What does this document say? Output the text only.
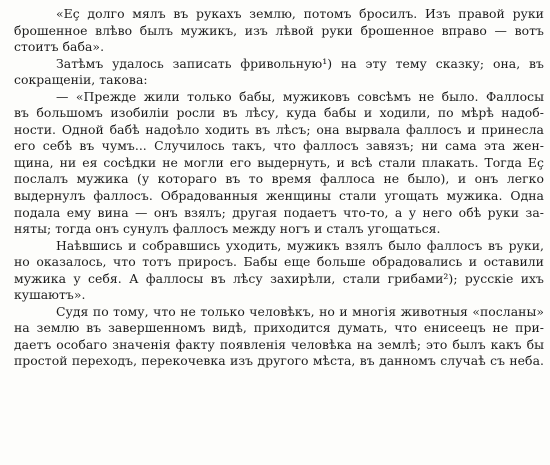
«Eç долго мялъ въ рукахъ землю, потомъ бросилъ. Изъ правой руки
брошенное влѣво былъ мужикъ, изъ лѣвой руки брошенное вправо — вотъ
стоитъ баба».
Затѣмъ удалось записать фривольную¹) на эту тему сказку; она, въ
сокращеніи, такова:
— «Прежде жили только бабы, мужиковъ совсѣмъ не было. Фаллосы
въ большомъ изобиліи росли въ лѣсу, куда бабы и ходили, по мѣрѣ надоб-
ности. Одной бабѣ надоѣло ходить въ лѣсъ; она вырвала фаллосъ и принесла
его себѣ въ чумъ... Случилось такъ, что фаллосъ завязъ; ни сама эта жен-
щина, ни ея сосѣдки не могли его выдернуть, и всѣ стали плакать. Тогда Eç
послалъ мужика (у котораго въ то время фаллоса не было), и онъ легко
выдернулъ фаллосъ. Обрадованныя женщины стали угощать мужика. Одна
подала ему вина — онъ взялъ; другая подаетъ что-то, а у него обѣ руки за-
няты; тогда онъ сунулъ фаллосъ между ногъ и сталъ угощаться.
Наѣвшись и собравшись уходить, мужикъ взялъ было фаллосъ въ руки,
но оказалось, что тотъ приросъ. Бабы еще больше обрадовались и оставили
мужика у себя. А фаллосы въ лѣсу захирѣли, стали грибами²); русскіе ихъ
кушаютъ».
Судя по тому, что не только человѣкъ, но и многія животныя «посланы»
на землю въ завершенномъ видѣ, приходится думать, что енисеецъ не при-
даетъ особаго значенія факту появленія человѣка на землѣ; это былъ какъ бы
простой переходъ, перекочевка изъ другого мѣста, въ данномъ случаѣ съ неба.
